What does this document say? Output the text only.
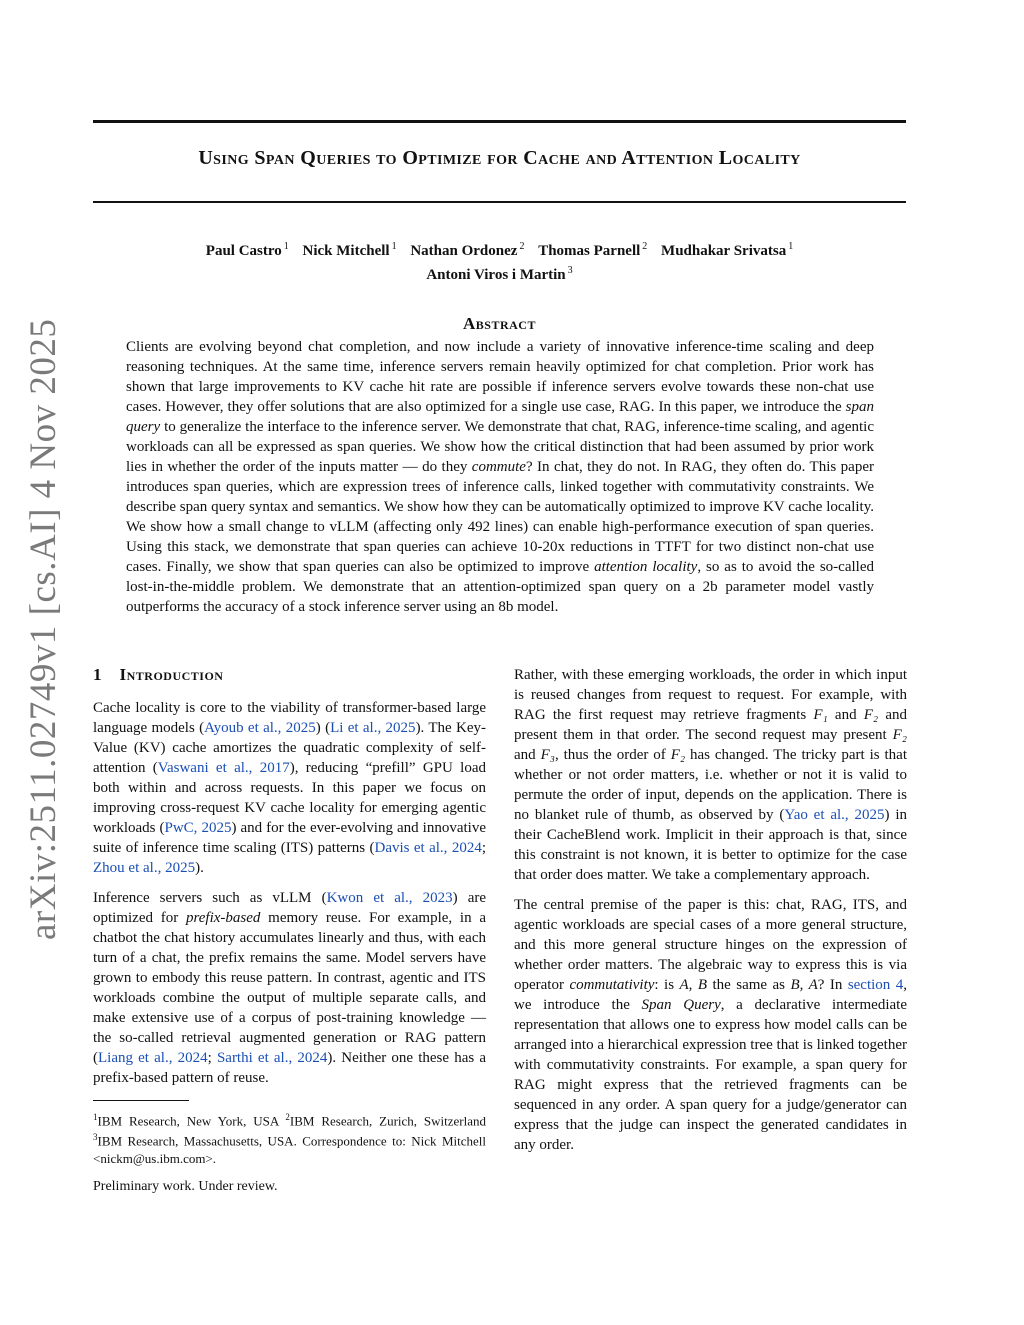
Using Span Queries to Optimize for Cache and Attention Locality
Paul Castro $^1$ Nick Mitchell $^1$ Nathan Ordonez $^2$ Thomas Parnell $^2$ Mudhakar Srivatsa $^1$
Antoni Viros i Martin $^3$
Abstract

Clients are evolving beyond chat completion, and now include a variety of innovative inference-time scaling and deep reasoning techniques. At the same time, inference servers remain heavily optimized for chat completion. Prior work has shown that large improvements to KV cache hit rate are possible if inference servers evolve towards these non-chat use cases. However, they offer solutions that are also optimized for a single use case, RAG. In this paper, we introduce the span query to generalize the interface to the inference server. We demonstrate that chat, RAG, inference-time scaling, and agentic workloads can all be expressed as span queries. We show how the critical distinction that had been assumed by prior work lies in whether the order of the inputs matter — do they commute? In chat, they do not. In RAG, they often do. This paper introduces span queries, which are expression trees of inference calls, linked together with commutativity constraints. We describe span query syntax and semantics. We show how they can be automatically optimized to improve KV cache locality. We show how a small change to vLLM (affecting only 492 lines) can enable high-performance execution of span queries. Using this stack, we demonstrate that span queries can achieve 10-20x reductions in TTFT for two distinct non-chat use cases. Finally, we show that span queries can also be optimized to improve attention locality, so as to avoid the so-called lost-in-the-middle problem. We demonstrate that an attention-optimized span query on a 2b parameter model vastly outperforms the accuracy of a stock inference server using an 8b model.

arXiv:2511.02749v1 [cs.AI] 4 Nov 2025 1 Introduction

Cache locality is core to the viability of transformer-based large language models (Ayoub et al., 2025) (Li et al., 2025). The Key-Value (KV) cache amortizes the quadratic complexity of self-attention (Vaswani et al., 2017), reducing “prefill” GPU load both within and across requests. In this paper we focus on improving cross-request KV cache locality for emerging agentic workloads (PwC, 2025) and for the ever-evolving and innovative suite of inference time scaling (ITS) patterns (Davis et al., 2024; Zhou et al., 2025).

Inference servers such as vLLM (Kwon et al., 2023) are optimized for prefix-based memory reuse. For example, in a chatbot the chat history accumulates linearly and thus, with each turn of a chat, the prefix remains the same. Model servers have grown to embody this reuse pattern. In contrast, agentic and ITS workloads combine the output of multiple separate calls, and make extensive use of a corpus of post-training knowledge — the so-called retrieval augmented generation or RAG pattern (Liang et al., 2024; Sarthi et al., 2024). Neither one these has a prefix-based pattern of reuse.

$^1$IBM Research, New York, USA $^2$IBM Research, Zurich, Switzerland $^3$IBM Research, Massachusetts, USA. Correspondence to: Nick Mitchell <nickm@us.ibm.com>.

Preliminary work. Under review.

Rather, with these emerging workloads, the order in which input is reused changes from request to request. For example, with RAG the first request may retrieve fragments F₁ and F₂ and present them in that order. The second request may present F₂ and F₃, thus the order of F₂ has changed. The tricky part is that whether or not order matters, i.e. whether or not it is valid to permute the order of input, depends on the application. There is no blanket rule of thumb, as observed by (Yao et al., 2025) in their CacheBlend work. Implicit in their approach is that, since this constraint is not known, it is better to optimize for the case that order does matter. We take a complementary approach.

The central premise of the paper is this: chat, RAG, ITS, and agentic workloads are special cases of a more general structure, and this more general structure hinges on the expression of whether order matters. The algebraic way to express this is via operator commutativity: is A, B the same as B, A? In section 4, we introduce the Span Query, a declarative intermediate representation that allows one to express how model calls can be arranged into a hierarchical expression tree that is linked together with commutativity constraints. For example, a span query for RAG might express that the retrieved fragments can be sequenced in any order. A span query for a judge/generator can express that the judge can inspect the generated candidates in any order.
